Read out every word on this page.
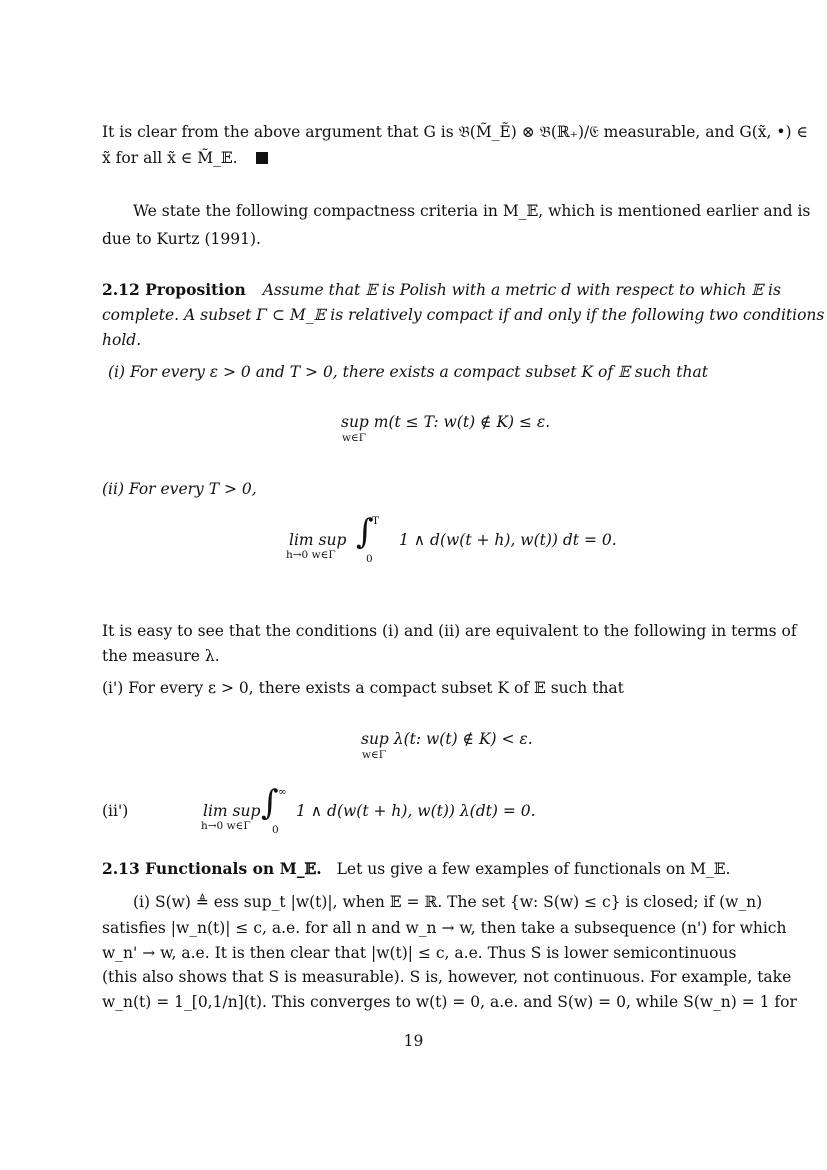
It is clear from the above argument that G is 𝔅(M̃_Ẽ) ⊗ 𝔅(ℝ₊)/𝔈 measurable, and G(x̃, •) ∈
x̃ for all x̃ ∈ M̃_𝔼.
We state the following compactness criteria in M_𝔼, which is mentioned earlier and is
due to Kurtz (1991).
2.12 Proposition Assume that 𝔼 is Polish with a metric d with respect to which 𝔼 is
complete. A subset Γ ⊂ M_𝔼 is relatively compact if and only if the following two conditions
hold.
(i) For every ε > 0 and T > 0, there exists a compact subset K of 𝔼 such that
sup m(t ≤ T: w(t) ∉ K) ≤ ε.
w∈Γ
(ii) For every T > 0,
lim sup
h→0 w∈Γ
∫
T
0
1 ∧ d(w(t + h), w(t)) dt = 0.
It is easy to see that the conditions (i) and (ii) are equivalent to the following in terms of
the measure λ.
(i') For every ε > 0, there exists a compact subset K of 𝔼 such that
sup λ(t: w(t) ∉ K) < ε.
w∈Γ
(ii')	lim sup
h→0 w∈Γ
∫ ∞
0
1 ∧ d(w(t + h), w(t)) λ(dt) = 0.
2.13 Functionals on M_𝔼. Let us give a few examples of functionals on M_𝔼.
(i) S(w) ≜ ess sup_t |w(t)|, when 𝔼 = ℝ. The set {w: S(w) ≤ c} is closed; if (w_n)
satisfies |w_n(t)| ≤ c, a.e. for all n and w_n → w, then take a subsequence (n') for which
w_n' → w, a.e. It is then clear that |w(t)| ≤ c, a.e. Thus S is lower semicontinuous
(this also shows that S is measurable). S is, however, not continuous. For example, take
w_n(t) = 1_[0,1/n](t). This converges to w(t) = 0, a.e. and S(w) = 0, while S(w_n) = 1 for
19
